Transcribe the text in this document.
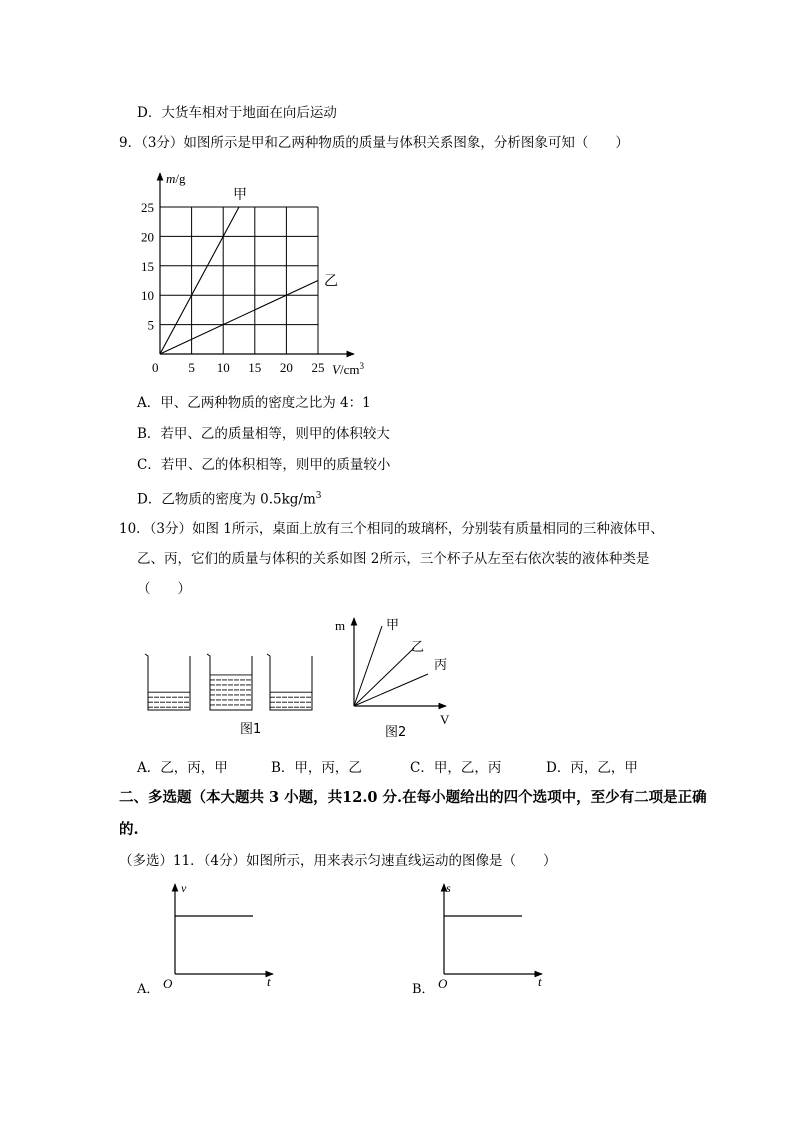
D．大货车相对于地面在向后运动
9．（3分）如图所示是甲和乙两种物质的质量与体积关系图象，分析图象可知（　　）
甲
乙
5 10 15 20 25
5
10
15
20
25
0
m/g
$V/cm^3$
A．甲、乙两种物质的密度之比为 4：1
B．若甲、乙的质量相等，则甲的体积较大
C．若甲、乙的体积相等，则甲的质量较小
D．乙物质的密度为 $0.5kg/m^3$
10．（3分）如图 1所示，桌面上放有三个相同的玻璃杯，分别装有质量相同的三种液体甲、
乙、丙，它们的质量与体积的关系如图 2所示，三个杯子从左至右依次装的液体种类是
（　　）
图1
m
V
甲
乙
丙
图2
A．乙，丙，甲	B．甲，丙，乙	C．甲，乙，丙	D．丙，乙，甲
二、多选题（本大题共 3 小题，共12.0 分.在每小题给出的四个选项中，至少有二项是正确
的.
（多选）11．（4分）如图所示，用来表示匀速直线运动的图像是（　　）
v
t
O
A．
s
t
O
B．
